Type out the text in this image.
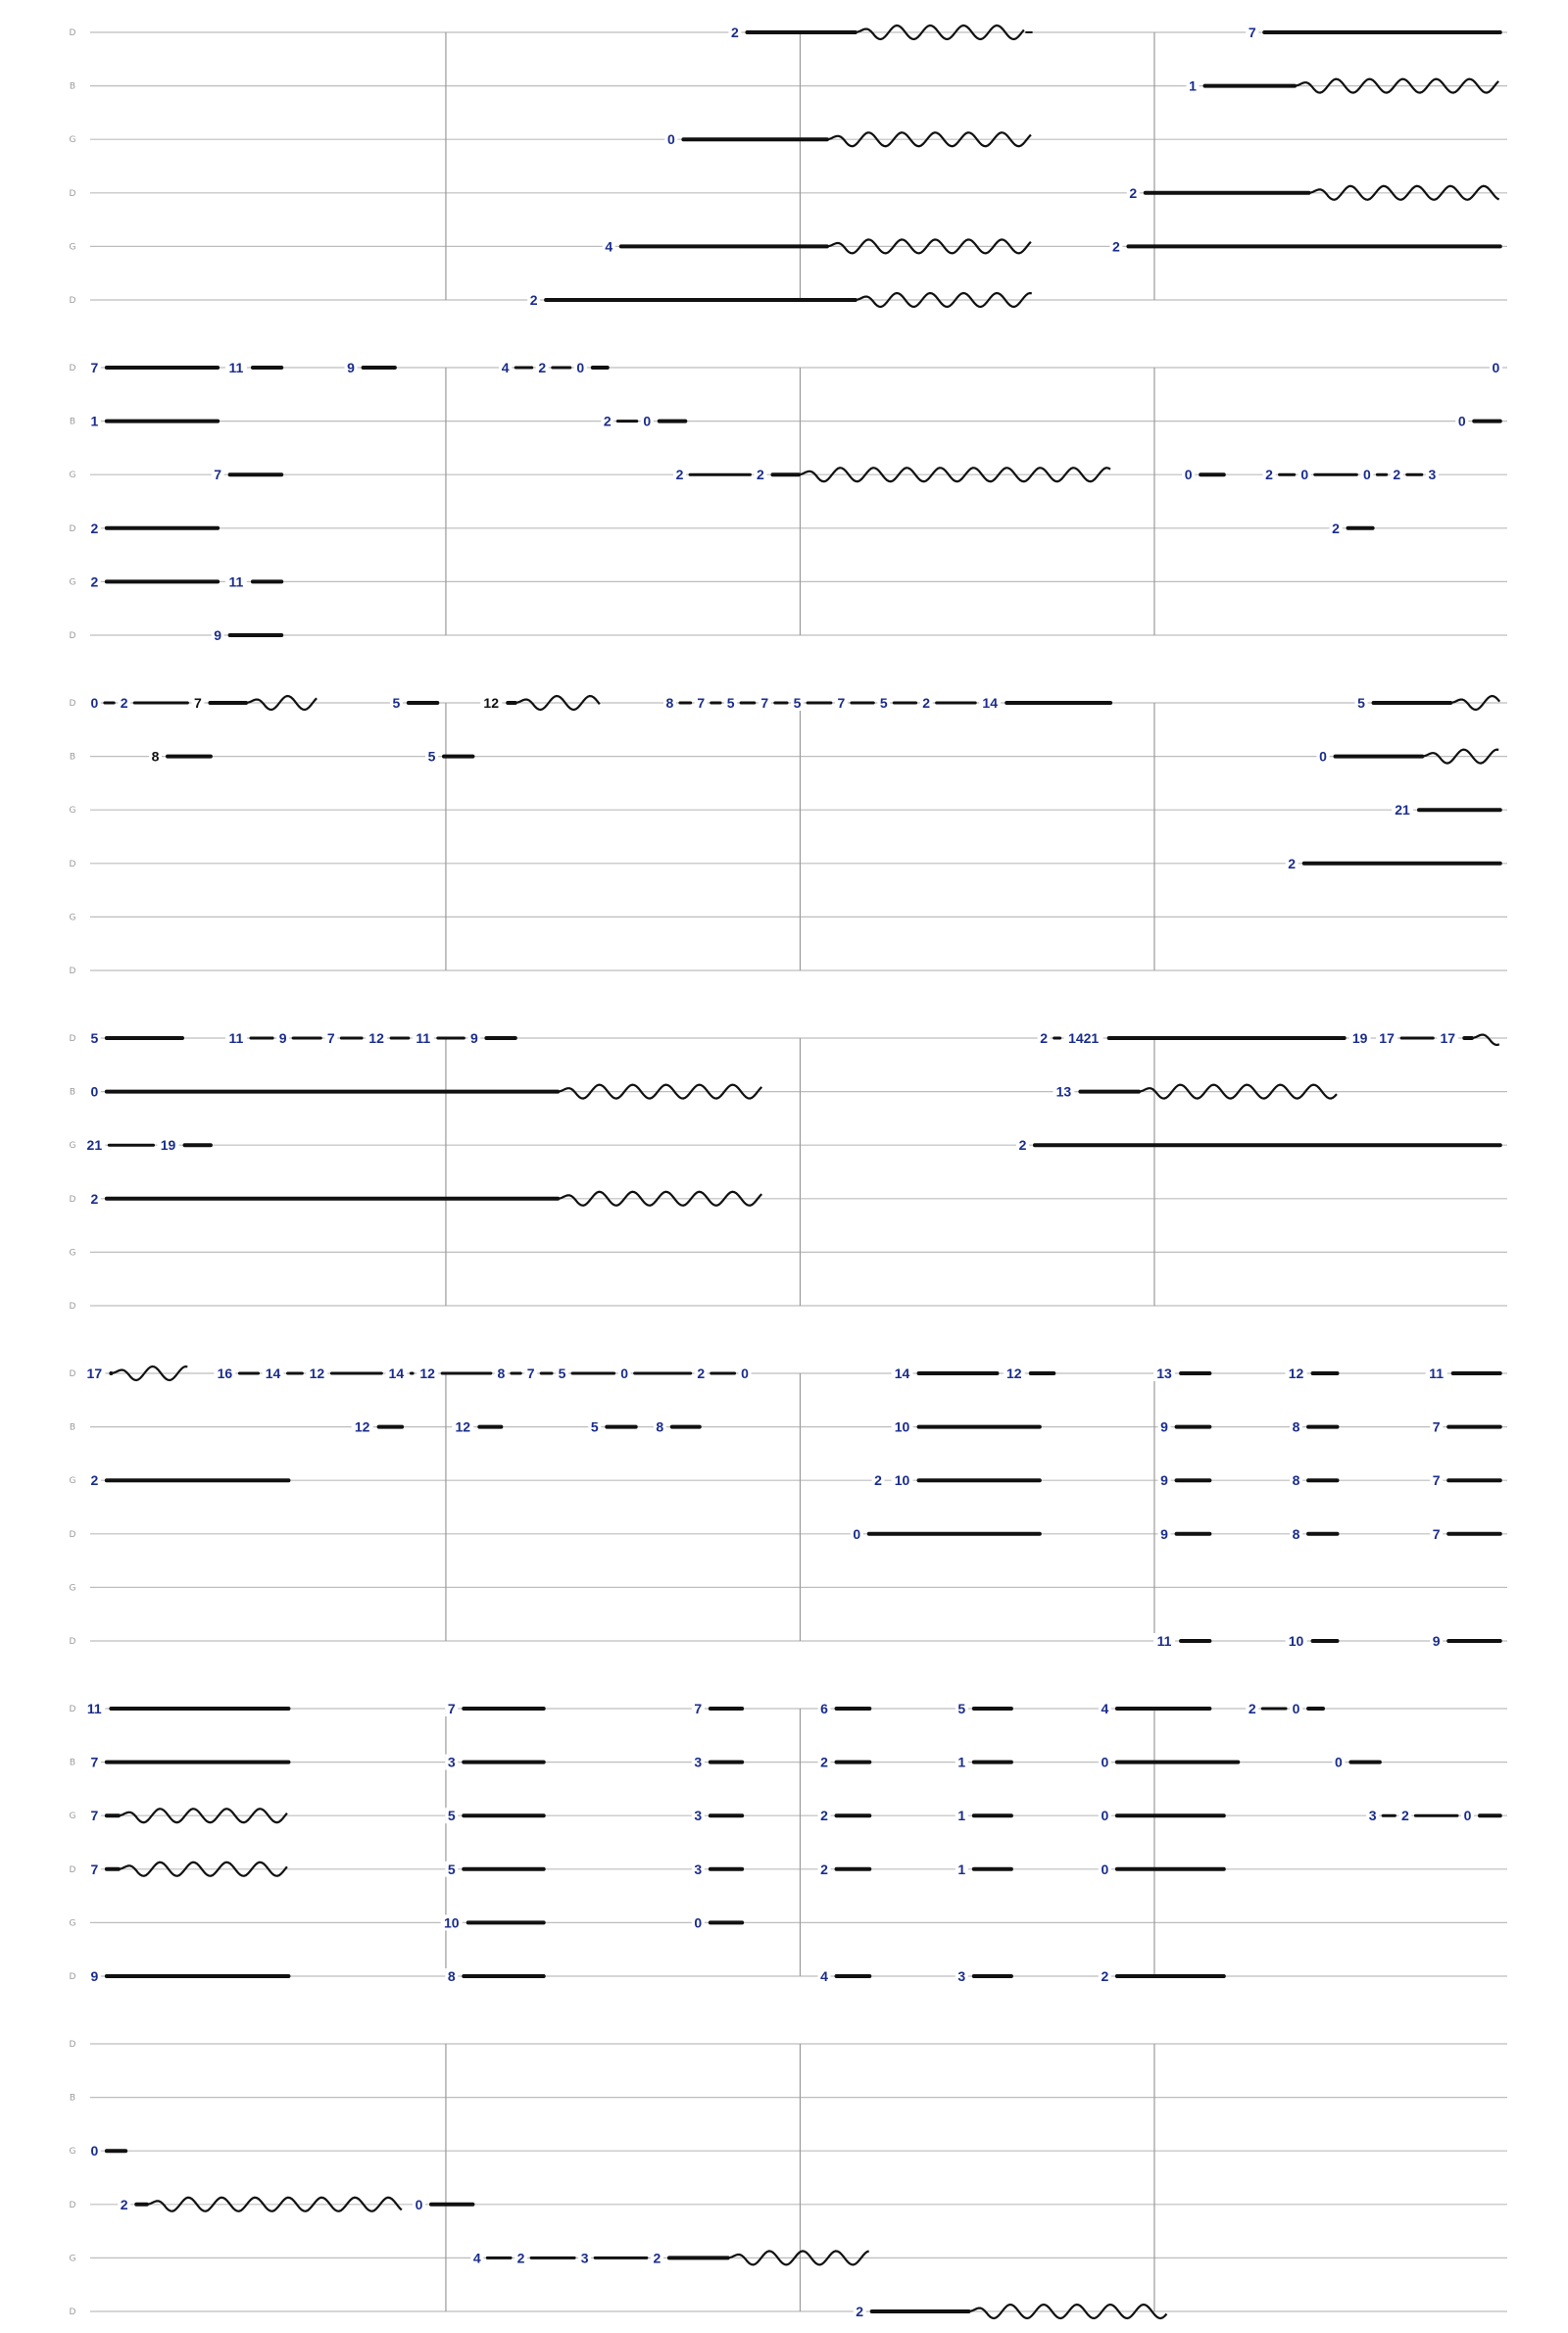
D
B
G
D
G
D
2	7
1
0
2
4	2
2
D
B
G
D
G
D
7	11	9	4 2 0	0
1	2 0	0
7	2	2	0	2 0	0 2 3
2	2
2	11
9
D
B
G
D
G
D
0 2	7	5	12	8 7 5 7 5	7	5	2	14	5
8	5	0
21
2
D
B
G
D
G
D
5	11	9	7 12 11	9	2 1421	19 17	17
0	13
21	19	2
2
D
B
G
D
G
D
17	16 14 12	14 12	8 7 5	0	2	0	14	12	13	12	11
12	12	5	8	10	9	8	7
2	2 10	9	8	7
0	9	8	7
11	10	9
D
B
G
D
G
D
11	7	7	6	5	4	2	0
7	3	3	2	1	0	0
7	5	3	2	1	0	3 2	0
7	5	3	2	1	0
10	0
9	8	4	3	2
D
B
G
D
G
D
0
2	0
4	2	3	2
2
